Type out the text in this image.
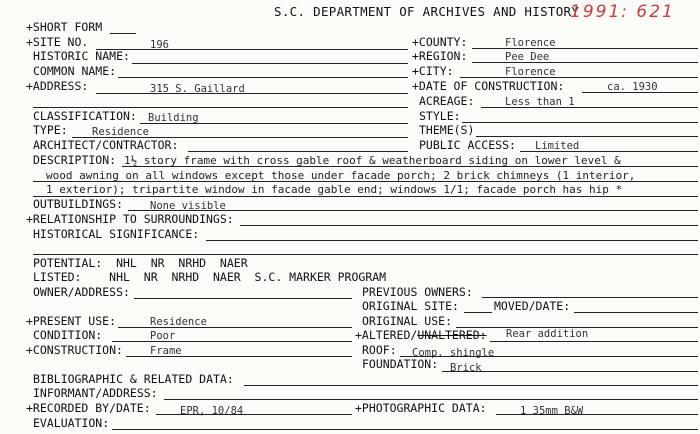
S.C. DEPARTMENT OF ARCHIVES AND HISTORY
1991: 621
+SHORT FORM
+SITE NO.	196	+COUNTY:	Florence
HISTORIC NAME:	+REGION:	Pee Dee
COMMON NAME:	+CITY:	Florence
+ADDRESS:	315 S. Gaillard	+DATE OF CONSTRUCTION:	ca. 1930
ACREAGE:	Less than 1
CLASSIFICATION: Building	STYLE:
TYPE: Residence	THEME(S)
ARCHITECT/CONTRACTOR:	PUBLIC ACCESS: Limited
DESCRIPTION: 1½ story frame with cross gable roof & weatherboard siding on lower level &
wood awning on all windows except those under facade porch; 2 brick chimneys (1 interior,
1 exterior); tripartite window in facade gable end; windows 1/1; facade porch has hip *
OUTBUILDINGS:	None visible
+RELATIONSHIP TO SURROUNDINGS:
HISTORICAL SIGNIFICANCE:
POTENTIAL:  NHL  NR  NRHD  NAER
LISTED:    NHL  NR  NRHD  NAER  S.C. MARKER PROGRAM
OWNER/ADDRESS:	PREVIOUS OWNERS:
ORIGINAL SITE:	MOVED/DATE:
+PRESENT USE:	Residence	ORIGINAL USE:
CONDITION:	Poor	+ALTERED/UNALTERED: Rear addition
+CONSTRUCTION:	Frame	ROOF: Comp. shingle
FOUNDATION: Brick
BIBLIOGRAPHIC & RELATED DATA:
INFORMANT/ADDRESS:
+RECORDED BY/DATE:	EPR, 10/84	+PHOTOGRAPHIC DATA:	1 35mm B&W
EVALUATION:
